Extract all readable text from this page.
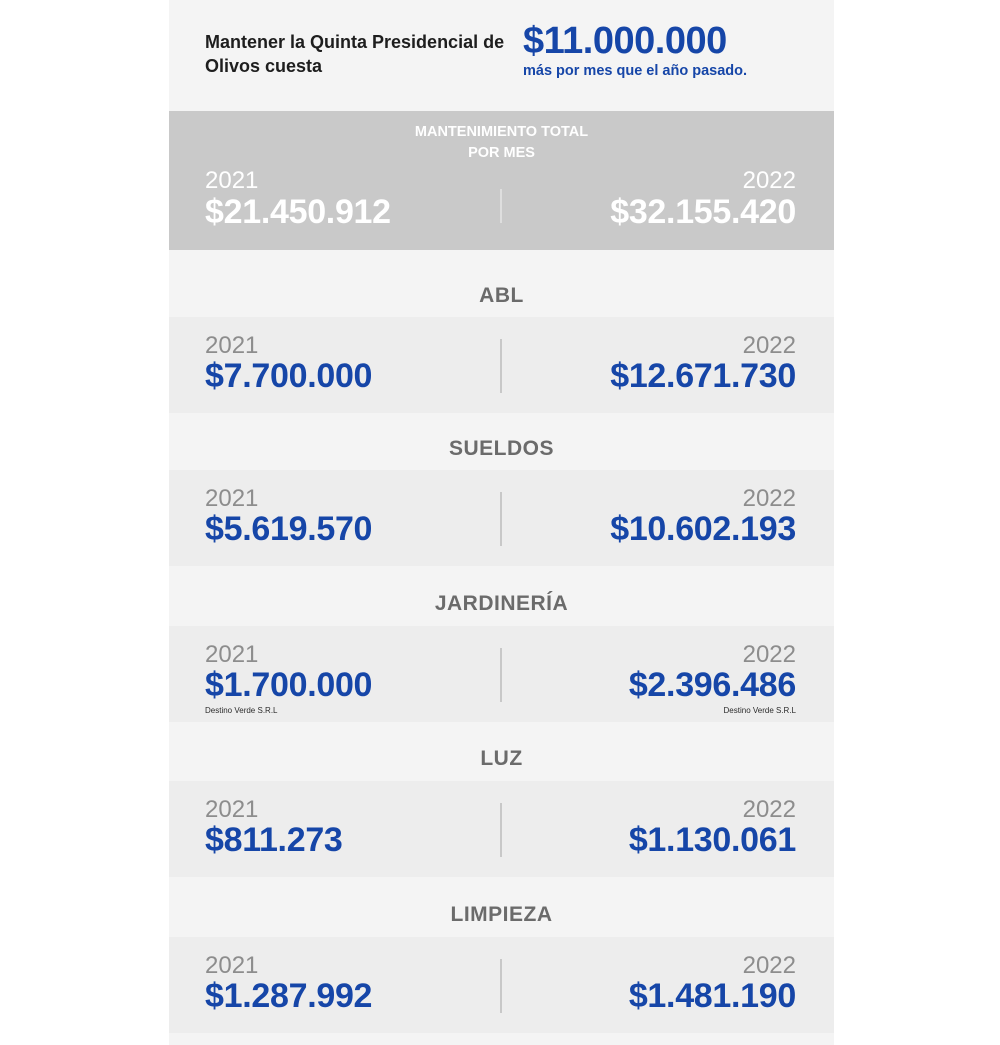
Mantener la Quinta Presidencial de Olivos cuesta
$11.000.000
más por mes que el año pasado.
MANTENIMIENTO TOTAL
POR MES
2021
$21.450.912
2022
$32.155.420
ABL
2021
$7.700.000
2022
$12.671.730
SUELDOS
2021
$5.619.570
2022
$10.602.193
JARDINERÍA
2021
$1.700.000
Destino Verde S.R.L
2022
$2.396.486
Destino Verde S.R.L
LUZ
2021
$811.273
2022
$1.130.061
LIMPIEZA
2021
$1.287.992
2022
$1.481.190
